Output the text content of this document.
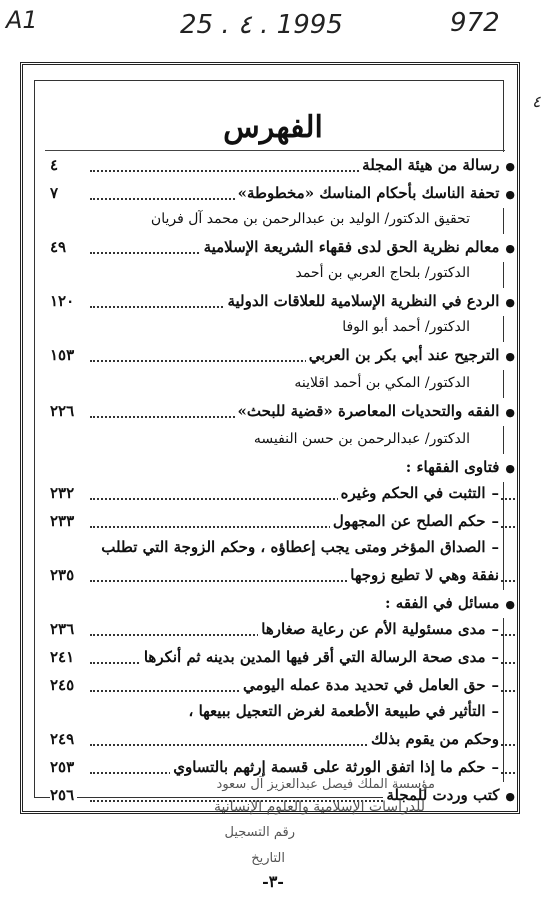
A1	25 . ٤ . 1995	972
٤
الفهرس
● رسالة من هيئة المجلة
٤
● تحفة الناسك بأحكام المناسك «مخطوطة»
٧
تحقيق الدكتور/ الوليد بن عبدالرحمن بن محمد آل فريان
● معالم نظرية الحق لدى فقهاء الشريعة الإسلامية
٤٩
الدكتور/ بلحاج العربي بن أحمد
● الردع في النظرية الإسلامية للعلاقات الدولية
١٢٠
الدكتور/ أحمد أبو الوفا
● الترجيح عند أبي بكر بن العربي
١٥٣
الدكتور/ المكي بن أحمد اقلاينه
● الفقه والتحديات المعاصرة «قضية للبحث»
٢٢٦
الدكتور/ عبدالرحمن بن حسن النفيسه
● فتاوى الفقهاء :
– التثبت في الحكم وغيره
٢٣٢
– حكم الصلح عن المجهول
٢٣٣
– الصداق المؤخر ومتى يجب إعطاؤه ، وحكم الزوجة التي تطلب
نفقة وهي لا تطيع زوجها
٢٣٥
● مسائل في الفقه :
– مدى مسئولية الأم عن رعاية صغارها
٢٣٦
– مدى صحة الرسالة التي أقر فيها المدين بدينه ثم أنكرها
٢٤١
– حق العامل في تحديد مدة عمله اليومي
٢٤٥
– التأثير في طبيعة الأطعمة لغرض التعجيل ببيعها ،
وحكم من يقوم بذلك
٢٤٩
– حكم ما إذا اتفق الورثة على قسمة إرثهم بالتساوي
٢٥٣
● كتب وردت للمجلة
٢٥٦
مؤسسة الملك فيصل عبدالعزيز آل سعود
للدراسات الإسلامية والعلوم الإنسانية
رقم التسجيل
التاريخ
-٣-
